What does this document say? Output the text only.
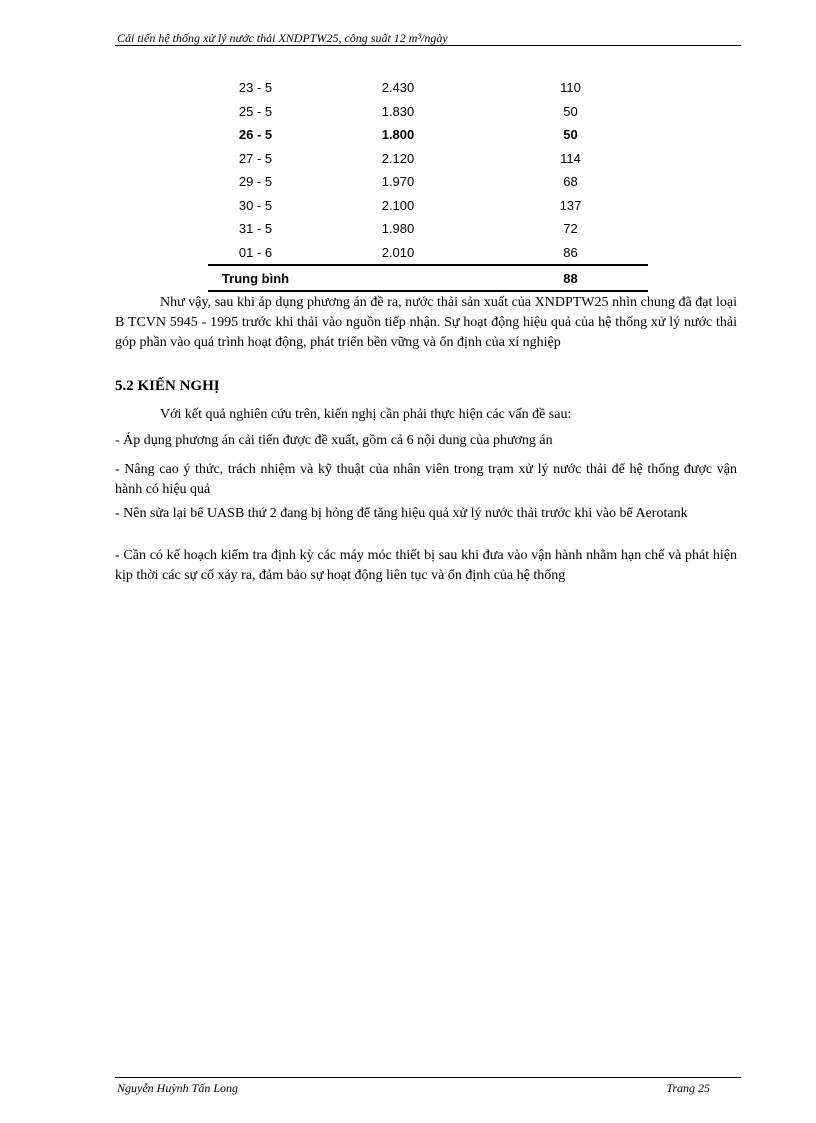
Cải tiến hệ thống xử lý nước thải XNDPTW25, công suất 12 m³/ngày
23 - 5	2.430	110
25 - 5	1.830	50
26 - 5	1.800	50
27 - 5	2.120	114
29 - 5	1.970	68
30 - 5	2.100	137
31 - 5	1.980	72
01 - 6	2.010	86
Trung bình		88

Như vậy, sau khi áp dụng phương án đề ra, nước thải sản xuất của XNDPTW25 nhìn chung đã đạt loại B TCVN 5945 - 1995 trước khi thải vào nguồn tiếp nhận. Sự hoạt động hiệu quả của hệ thống xử lý nước thải góp phần vào quá trình hoạt động, phát triển bền vững và ổn định của xí nghiệp

5.2 KIẾN NGHỊ

Với kết quả nghiên cứu trên, kiến nghị cần phải thực hiện các vấn đề sau:

- Áp dụng phương án cải tiến được đề xuất, gồm cả 6 nội dung của phương án

- Nâng cao ý thức, trách nhiệm và kỹ thuật của nhân viên trong trạm xử lý nước thải để hệ thống được vận hành có hiệu quả

- Nên sửa lại bể UASB thứ 2 đang bị hỏng để tăng hiệu quả xử lý nước thải trước khi vào bể Aerotank

- Cần có kế hoạch kiểm tra định kỳ các máy móc thiết bị sau khi đưa vào vận hành nhằm hạn chế và phát hiện kịp thời các sự cố xảy ra, đảm bảo sự hoạt động liên tục và ổn định của hệ thống

Nguyễn Huỳnh Tấn Long	Trang 25
